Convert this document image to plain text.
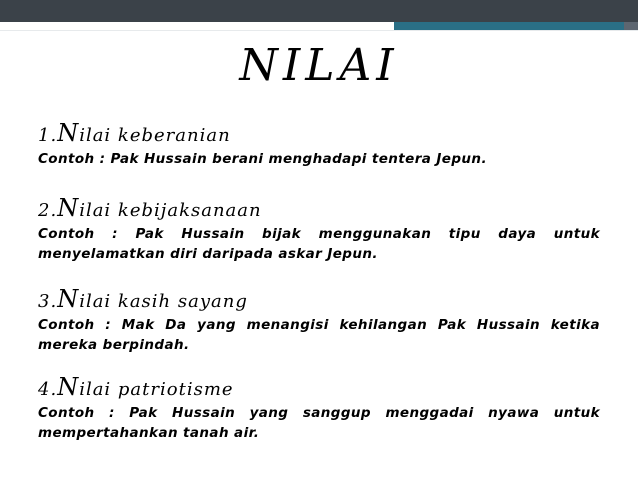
NILAI
1.Nilai keberanian
Contoh : Pak Hussain berani menghadapi tentera Jepun.
2.Nilai kebijaksanaan
Contoh : Pak Hussain bijak menggunakan tipu daya untuk menyelamatkan diri daripada askar Jepun.
3.Nilai kasih sayang
Contoh : Mak Da yang menangisi kehilangan Pak Hussain ketika mereka berpindah.
4.Nilai patriotisme
Contoh : Pak Hussain yang sanggup menggadai nyawa untuk mempertahankan tanah air.
